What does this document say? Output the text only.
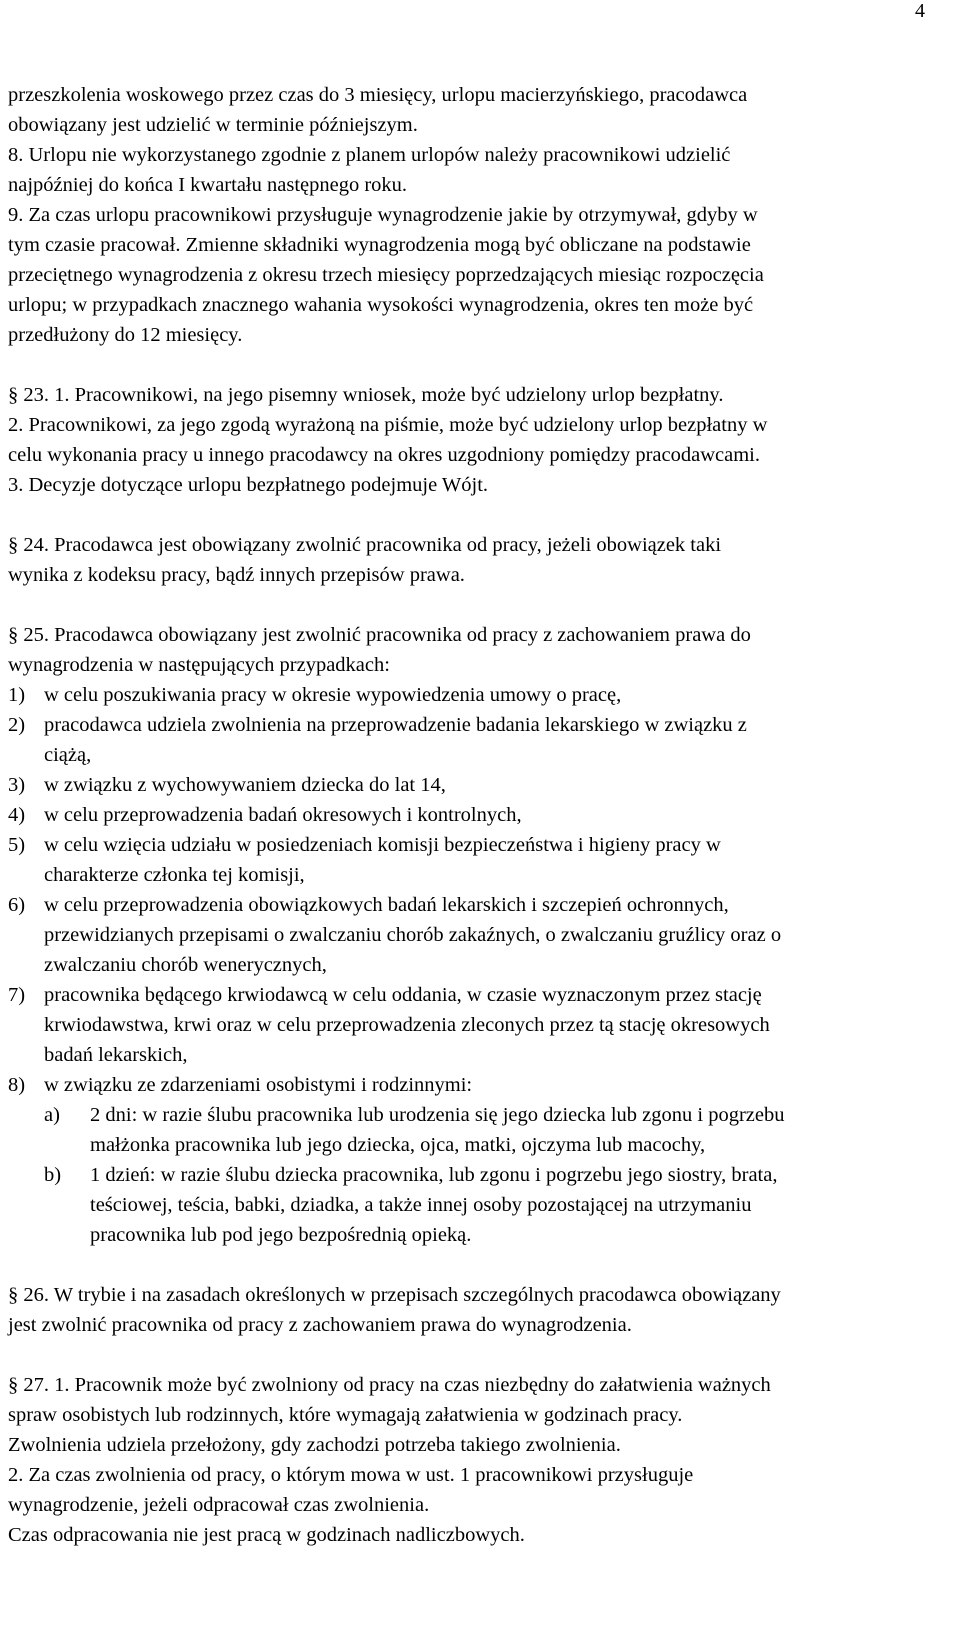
4
przeszkolenia woskowego przez czas do 3 miesięcy, urlopu macierzyńskiego, pracodawca
obowiązany jest udzielić w terminie późniejszym.
8. Urlopu nie wykorzystanego zgodnie z planem urlopów należy pracownikowi udzielić
najpóźniej do końca I kwartału następnego roku.
9. Za czas urlopu pracownikowi przysługuje wynagrodzenie jakie by otrzymywał, gdyby w
tym czasie pracował. Zmienne składniki wynagrodzenia mogą być obliczane na podstawie
przeciętnego wynagrodzenia z okresu trzech miesięcy poprzedzających miesiąc rozpoczęcia
urlopu; w przypadkach znacznego wahania wysokości wynagrodzenia, okres ten może być
przedłużony do 12 miesięcy.
§ 23. 1. Pracownikowi, na jego pisemny wniosek, może być udzielony urlop bezpłatny.
2. Pracownikowi, za jego zgodą wyrażoną na piśmie, może być udzielony urlop bezpłatny w
celu wykonania pracy u innego pracodawcy na okres uzgodniony pomiędzy pracodawcami.
3. Decyzje dotyczące urlopu bezpłatnego podejmuje Wójt.
§ 24. Pracodawca jest obowiązany zwolnić pracownika od pracy, jeżeli obowiązek taki
wynika z kodeksu pracy, bądź innych przepisów prawa.
§ 25. Pracodawca obowiązany jest zwolnić pracownika od pracy z zachowaniem prawa do
wynagrodzenia w następujących przypadkach:
1) w celu poszukiwania pracy w okresie wypowiedzenia umowy o pracę,
2) pracodawca udziela zwolnienia na przeprowadzenie badania lekarskiego w związku z
ciążą,
3) w związku z wychowywaniem dziecka do lat 14,
4) w celu przeprowadzenia badań okresowych i kontrolnych,
5) w celu wzięcia udziału w posiedzeniach komisji bezpieczeństwa i higieny pracy w
charakterze członka tej komisji,
6) w celu przeprowadzenia obowiązkowych badań lekarskich i szczepień ochronnych,
przewidzianych przepisami o zwalczaniu chorób zakaźnych, o zwalczaniu gruźlicy oraz o
zwalczaniu chorób wenerycznych,
7) pracownika będącego krwiodawcą w celu oddania, w czasie wyznaczonym przez stację
krwiodawstwa, krwi oraz w celu przeprowadzenia zleconych przez tą stację okresowych
badań lekarskich,
8) w związku ze zdarzeniami osobistymi i rodzinnymi:
a)	2 dni: w razie ślubu pracownika lub urodzenia się jego dziecka lub zgonu i pogrzebu
małżonka pracownika lub jego dziecka, ojca, matki, ojczyma lub macochy,
b)	1 dzień: w razie ślubu dziecka pracownika, lub zgonu i pogrzebu jego siostry, brata,
teściowej, teścia, babki, dziadka, a także innej osoby pozostającej na utrzymaniu
pracownika lub pod jego bezpośrednią opieką.
§ 26. W trybie i na zasadach określonych w przepisach szczególnych pracodawca obowiązany
jest zwolnić pracownika od pracy z zachowaniem prawa do wynagrodzenia.
§ 27. 1. Pracownik może być zwolniony od pracy na czas niezbędny do załatwienia ważnych
spraw osobistych lub rodzinnych, które wymagają załatwienia w godzinach pracy.
Zwolnienia udziela przełożony, gdy zachodzi potrzeba takiego zwolnienia.
2. Za czas zwolnienia od pracy, o którym mowa w ust. 1 pracownikowi przysługuje
wynagrodzenie, jeżeli odpracował czas zwolnienia.
Czas odpracowania nie jest pracą w godzinach nadliczbowych.
